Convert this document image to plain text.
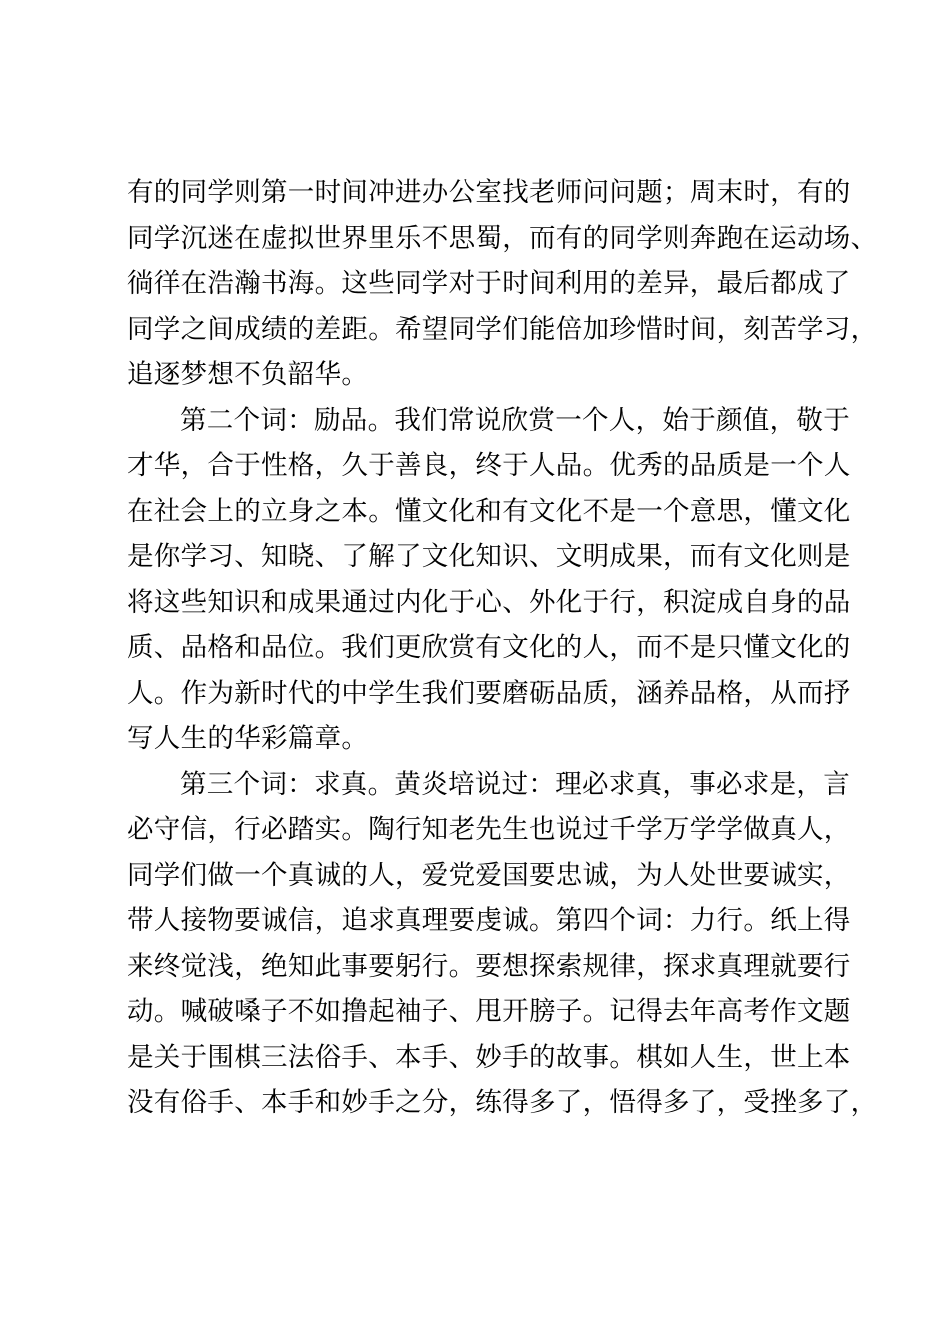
有的同学则第一时间冲进办公室找老师问问题；周末时，有的
同学沉迷在虚拟世界里乐不思蜀，而有的同学则奔跑在运动场、
徜徉在浩瀚书海。这些同学对于时间利用的差异，最后都成了
同学之间成绩的差距。希望同学们能倍加珍惜时间，刻苦学习，
追逐梦想不负韶华。
第二个词：励品。我们常说欣赏一个人，始于颜值，敬于
才华，合于性格，久于善良，终于人品。优秀的品质是一个人
在社会上的立身之本。懂文化和有文化不是一个意思，懂文化
是你学习、知晓、了解了文化知识、文明成果，而有文化则是
将这些知识和成果通过内化于心、外化于行，积淀成自身的品
质、品格和品位。我们更欣赏有文化的人，而不是只懂文化的
人。作为新时代的中学生我们要磨砺品质，涵养品格，从而抒
写人生的华彩篇章。
第三个词：求真。黄炎培说过：理必求真，事必求是，言
必守信，行必踏实。陶行知老先生也说过千学万学学做真人，
同学们做一个真诚的人，爱党爱国要忠诚，为人处世要诚实，
带人接物要诚信，追求真理要虔诚。第四个词：力行。纸上得
来终觉浅，绝知此事要躬行。要想探索规律，探求真理就要行
动。喊破嗓子不如撸起袖子、甩开膀子。记得去年高考作文题
是关于围棋三法俗手、本手、妙手的故事。棋如人生，世上本
没有俗手、本手和妙手之分，练得多了，悟得多了，受挫多了，
